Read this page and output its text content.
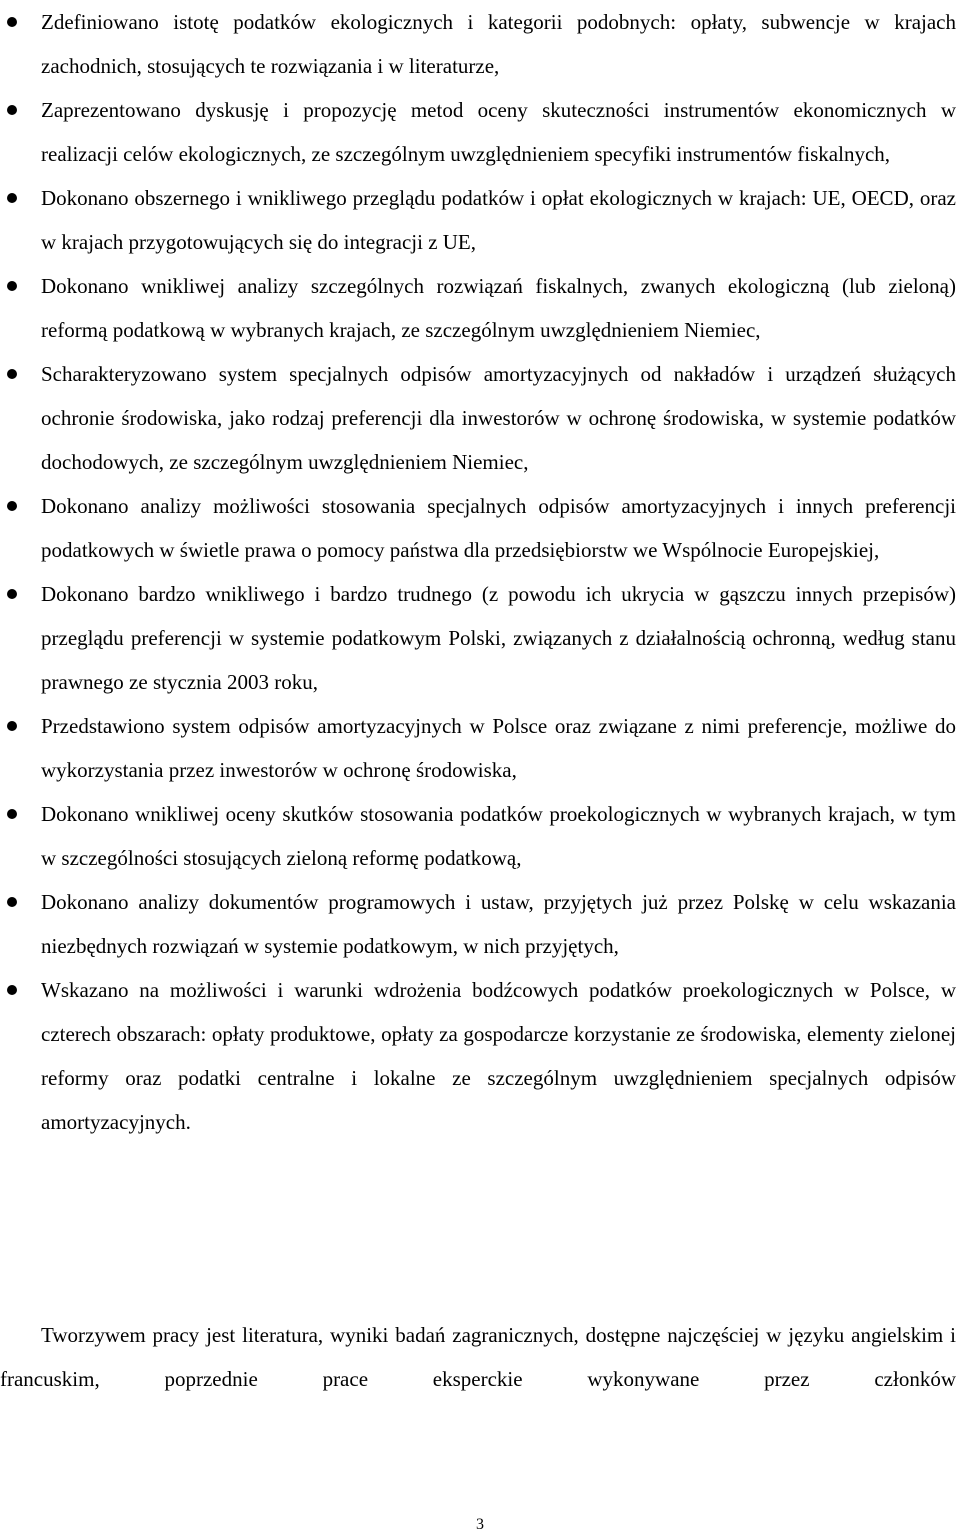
Zdefiniowano istotę podatków ekologicznych i kategorii podobnych: opłaty, subwencje w krajach zachodnich, stosujących te rozwiązania i w literaturze,
Zaprezentowano dyskusję i propozycję metod oceny skuteczności instrumentów ekonomicznych w realizacji celów ekologicznych, ze szczególnym uwzględnieniem specyfiki instrumentów fiskalnych,
Dokonano obszernego i wnikliwego przeglądu podatków i opłat ekologicznych w krajach: UE, OECD, oraz w krajach przygotowujących się do integracji z UE,
Dokonano wnikliwej analizy szczególnych rozwiązań fiskalnych, zwanych ekologiczną (lub zieloną) reformą podatkową w wybranych krajach, ze szczególnym uwzględnieniem Niemiec,
Scharakteryzowano system specjalnych odpisów amortyzacyjnych od nakładów i urządzeń służących ochronie środowiska, jako rodzaj preferencji dla inwestorów w ochronę środowiska, w systemie podatków dochodowych, ze szczególnym uwzględnieniem Niemiec,
Dokonano analizy możliwości stosowania specjalnych odpisów amortyzacyjnych i innych preferencji podatkowych w świetle prawa o pomocy państwa dla przedsiębiorstw we Wspólnocie Europejskiej,
Dokonano bardzo wnikliwego i bardzo trudnego (z powodu ich ukrycia w gąszczu innych przepisów) przeglądu preferencji w systemie podatkowym Polski, związanych z działalnością ochronną, według stanu prawnego ze stycznia 2003 roku,
Przedstawiono system odpisów amortyzacyjnych w Polsce oraz związane z nimi preferencje, możliwe do wykorzystania przez inwestorów w ochronę środowiska,
Dokonano wnikliwej oceny skutków stosowania podatków proekologicznych w wybranych krajach, w tym w szczególności stosujących zieloną reformę podatkową,
Dokonano analizy dokumentów programowych i ustaw, przyjętych już przez Polskę w celu wskazania niezbędnych rozwiązań w systemie podatkowym, w nich przyjętych,
Wskazano na możliwości i warunki wdrożenia bodźcowych podatków proekologicznych w Polsce, w czterech obszarach: opłaty produktowe, opłaty za gospodarcze korzystanie ze środowiska, elementy zielonej reformy oraz podatki centralne i lokalne ze szczególnym uwzględnieniem specjalnych odpisów amortyzacyjnych.

Tworzywem pracy jest literatura, wyniki badań zagranicznych, dostępne najczęściej w języku angielskim i francuskim, poprzednie prace eksperckie wykonywane przez członków

3
